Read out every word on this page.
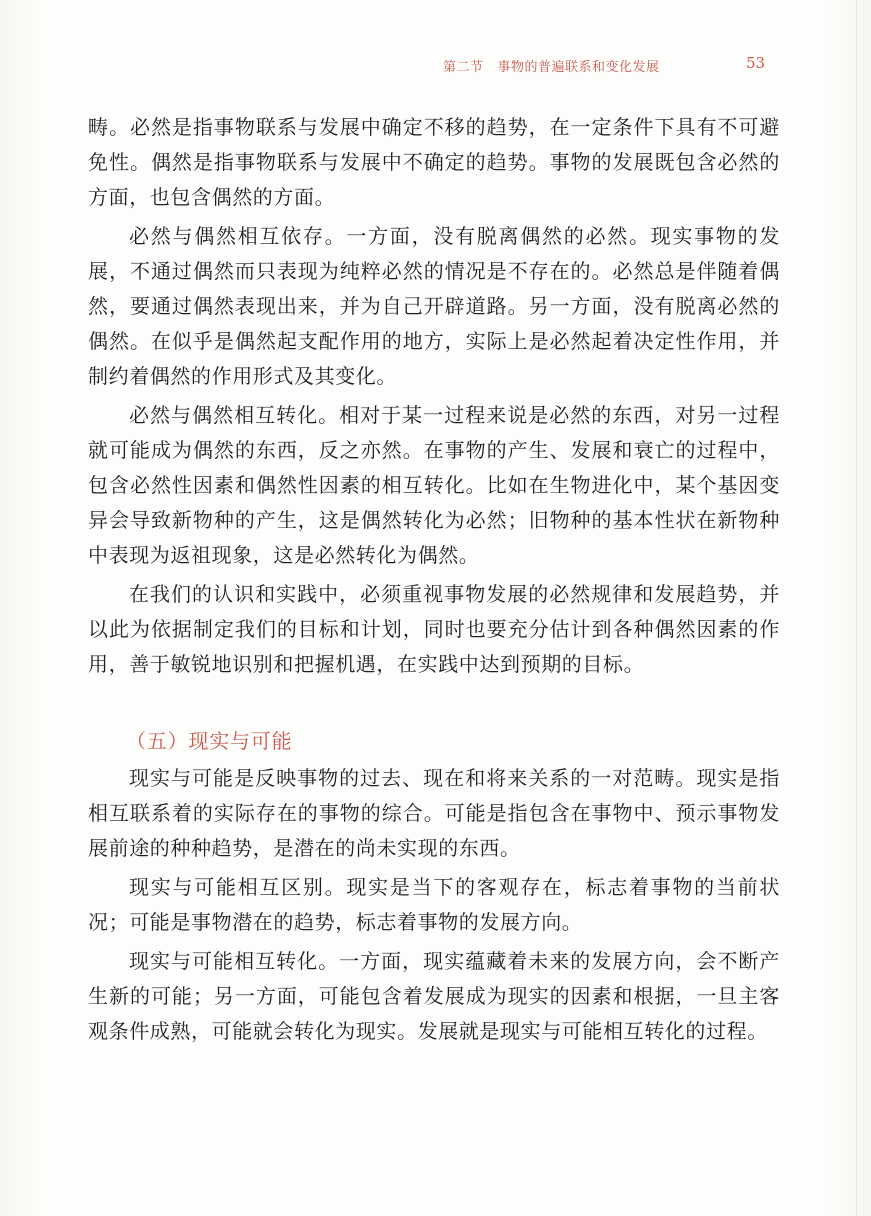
第二节 事物的普遍联系和变化发展	53

畴。必然是指事物联系与发展中确定不移的趋势，在一定条件下具有不可避免性。偶然是指事物联系与发展中不确定的趋势。事物的发展既包含必然的方面，也包含偶然的方面。

必然与偶然相互依存。一方面，没有脱离偶然的必然。现实事物的发展，不通过偶然而只表现为纯粹必然的情况是不存在的。必然总是伴随着偶然，要通过偶然表现出来，并为自己开辟道路。另一方面，没有脱离必然的偶然。在似乎是偶然起支配作用的地方，实际上是必然起着决定性作用，并制约着偶然的作用形式及其变化。

必然与偶然相互转化。相对于某一过程来说是必然的东西，对另一过程就可能成为偶然的东西，反之亦然。在事物的产生、发展和衰亡的过程中，包含必然性因素和偶然性因素的相互转化。比如在生物进化中，某个基因变异会导致新物种的产生，这是偶然转化为必然；旧物种的基本性状在新物种中表现为返祖现象，这是必然转化为偶然。

在我们的认识和实践中，必须重视事物发展的必然规律和发展趋势，并以此为依据制定我们的目标和计划，同时也要充分估计到各种偶然因素的作用，善于敏锐地识别和把握机遇，在实践中达到预期的目标。

（五）现实与可能

现实与可能是反映事物的过去、现在和将来关系的一对范畴。现实是指相互联系着的实际存在的事物的综合。可能是指包含在事物中、预示事物发展前途的种种趋势，是潜在的尚未实现的东西。

现实与可能相互区别。现实是当下的客观存在，标志着事物的当前状况；可能是事物潜在的趋势，标志着事物的发展方向。

现实与可能相互转化。一方面，现实蕴藏着未来的发展方向，会不断产生新的可能；另一方面，可能包含着发展成为现实的因素和根据，一旦主客观条件成熟，可能就会转化为现实。发展就是现实与可能相互转化的过程。
